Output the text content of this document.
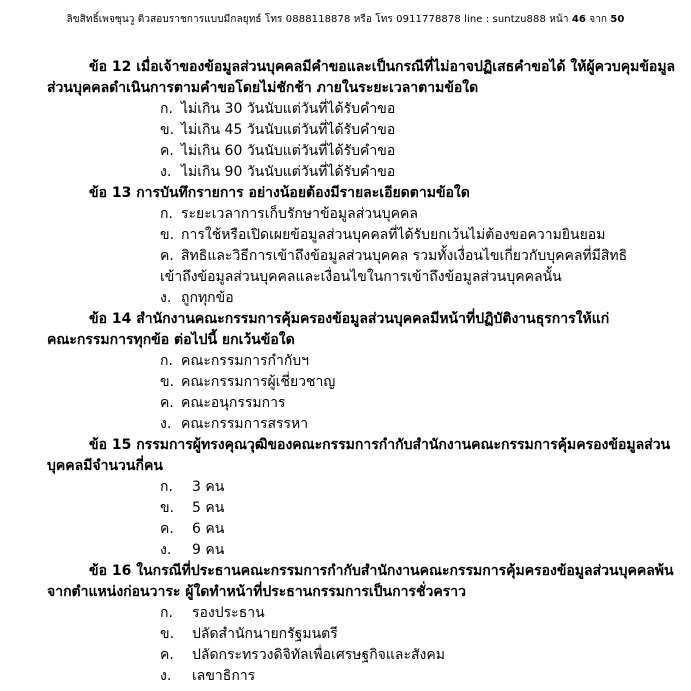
ลิขสิทธิ์เพจซุนวู ติวสอบราชการแบบมีกลยุทธ์ โทร 0888118878 หรือ โทร 0911778878 line : suntzu888 หน้า 46 จาก 50
ข้อ 12 เมื่อเจ้าของข้อมูลส่วนบุคคลมีคำขอและเป็นกรณีที่ไม่อาจปฏิเสธคำขอได้ ให้ผู้ควบคุมข้อมูล
ส่วนบุคคลดำเนินการตามคำขอโดยไม่ชักช้า ภายในระยะเวลาตามข้อใด
ก. ไม่เกิน 30 วันนับแต่วันที่ได้รับคำขอ
ข. ไม่เกิน 45 วันนับแต่วันที่ได้รับคำขอ
ค. ไม่เกิน 60 วันนับแต่วันที่ได้รับคำขอ
ง. ไม่เกิน 90 วันนับแต่วันที่ได้รับคำขอ
ข้อ 13 การบันทึกรายการ อย่างน้อยต้องมีรายละเอียดตามข้อใด
ก. ระยะเวลาการเก็บรักษาข้อมูลส่วนบุคคล
ข. การใช้หรือเปิดเผยข้อมูลส่วนบุคคลที่ได้รับยกเว้นไม่ต้องขอความยินยอม
ค. สิทธิและวิธีการเข้าถึงข้อมูลส่วนบุคคล รวมทั้งเงื่อนไขเกี่ยวกับบุคคลที่มีสิทธิ
เข้าถึงข้อมูลส่วนบุคคลและเงื่อนไขในการเข้าถึงข้อมูลส่วนบุคคลนั้น
ง. ถูกทุกข้อ
ข้อ 14 สำนักงานคณะกรรมการคุ้มครองข้อมูลส่วนบุคคลมีหน้าที่ปฏิบัติงานธุรการให้แก่
คณะกรรมการทุกข้อ ต่อไปนี้ ยกเว้นข้อใด
ก. คณะกรรมการกำกับฯ
ข. คณะกรรมการผู้เชี่ยวชาญ
ค. คณะอนุกรรมการ
ง. คณะกรรมการสรรหา
ข้อ 15 กรรมการผู้ทรงคุณวุฒิของคณะกรรมการกำกับสำนักงานคณะกรรมการคุ้มครองข้อมูลส่วน
บุคคลมีจำนวนกี่คน
ก. 3 คน
ข. 5 คน
ค. 6 คน
ง. 9 คน
ข้อ 16 ในกรณีที่ประธานคณะกรรมการกำกับสำนักงานคณะกรรมการคุ้มครองข้อมูลส่วนบุคคลพ้น
จากตำแหน่งก่อนวาระ ผู้ใดทำหน้าที่ประธานกรรมการเป็นการชั่วคราว
ก. รองประธาน
ข. ปลัดสำนักนายกรัฐมนตรี
ค. ปลัดกระทรวงดิจิทัลเพื่อเศรษฐกิจและสังคม
ง. เลขาธิการ
